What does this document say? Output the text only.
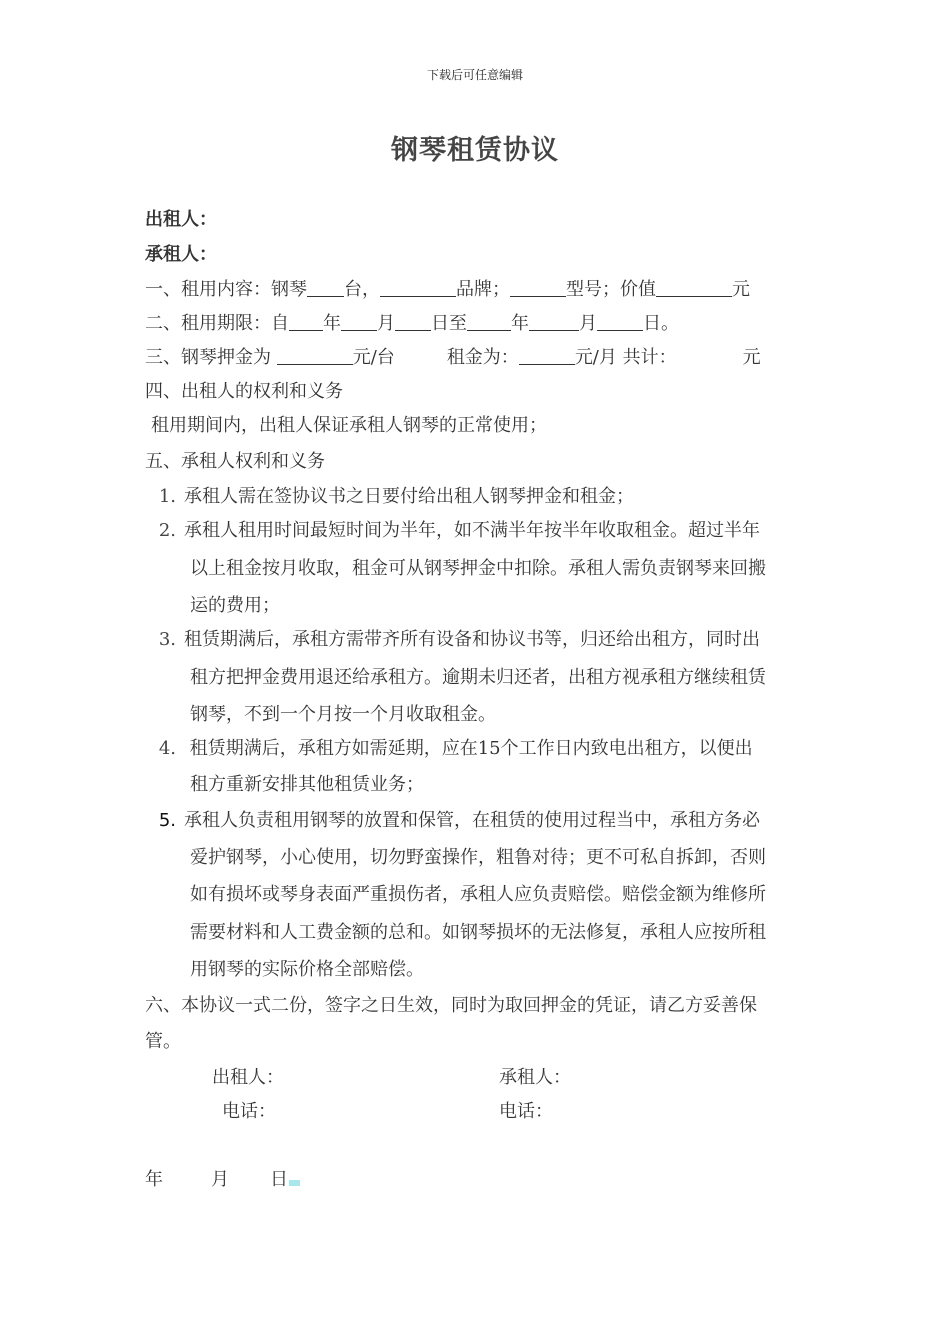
下载后可任意编辑
钢琴租赁协议
出租人：
承租人：
一、租用内容：钢琴 台，	品牌；	型号；价值	元
二、租用期限：自 年 月 日至 年	月	日。
三、钢琴押金为	元/台	租金为：	元/月 共计：	元
四、出租人的权利和义务
租用期间内，出租人保证承租人钢琴的正常使用；
五、承租人权利和义务
1. 承租人需在签协议书之日要付给出租人钢琴押金和租金；
2. 承租人租用时间最短时间为半年，如不满半年按半年收取租金。超过半年
以上租金按月收取，租金可从钢琴押金中扣除。承租人需负责钢琴来回搬
运的费用；
3. 租赁期满后，承租方需带齐所有设备和协议书等，归还给出租方，同时出
租方把押金费用退还给承租方。逾期未归还者，出租方视承租方继续租赁
钢琴，不到一个月按一个月收取租金。
4. 租赁期满后，承租方如需延期，应在15个工作日内致电出租方，以便出
租方重新安排其他租赁业务；
5. 承租人负责租用钢琴的放置和保管，在租赁的使用过程当中，承租方务必
爱护钢琴，小心使用，切勿野蛮操作，粗鲁对待；更不可私自拆卸，否则
如有损坏或琴身表面严重损伤者，承租人应负责赔偿。赔偿金额为维修所
需要材料和人工费金额的总和。如钢琴损坏的无法修复，承租人应按所租
用钢琴的实际价格全部赔偿。
六、本协议一式二份，签字之日生效，同时为取回押金的凭证，请乙方妥善保
管。
出租人：	承租人：
电话：	电话：
年	月 日
